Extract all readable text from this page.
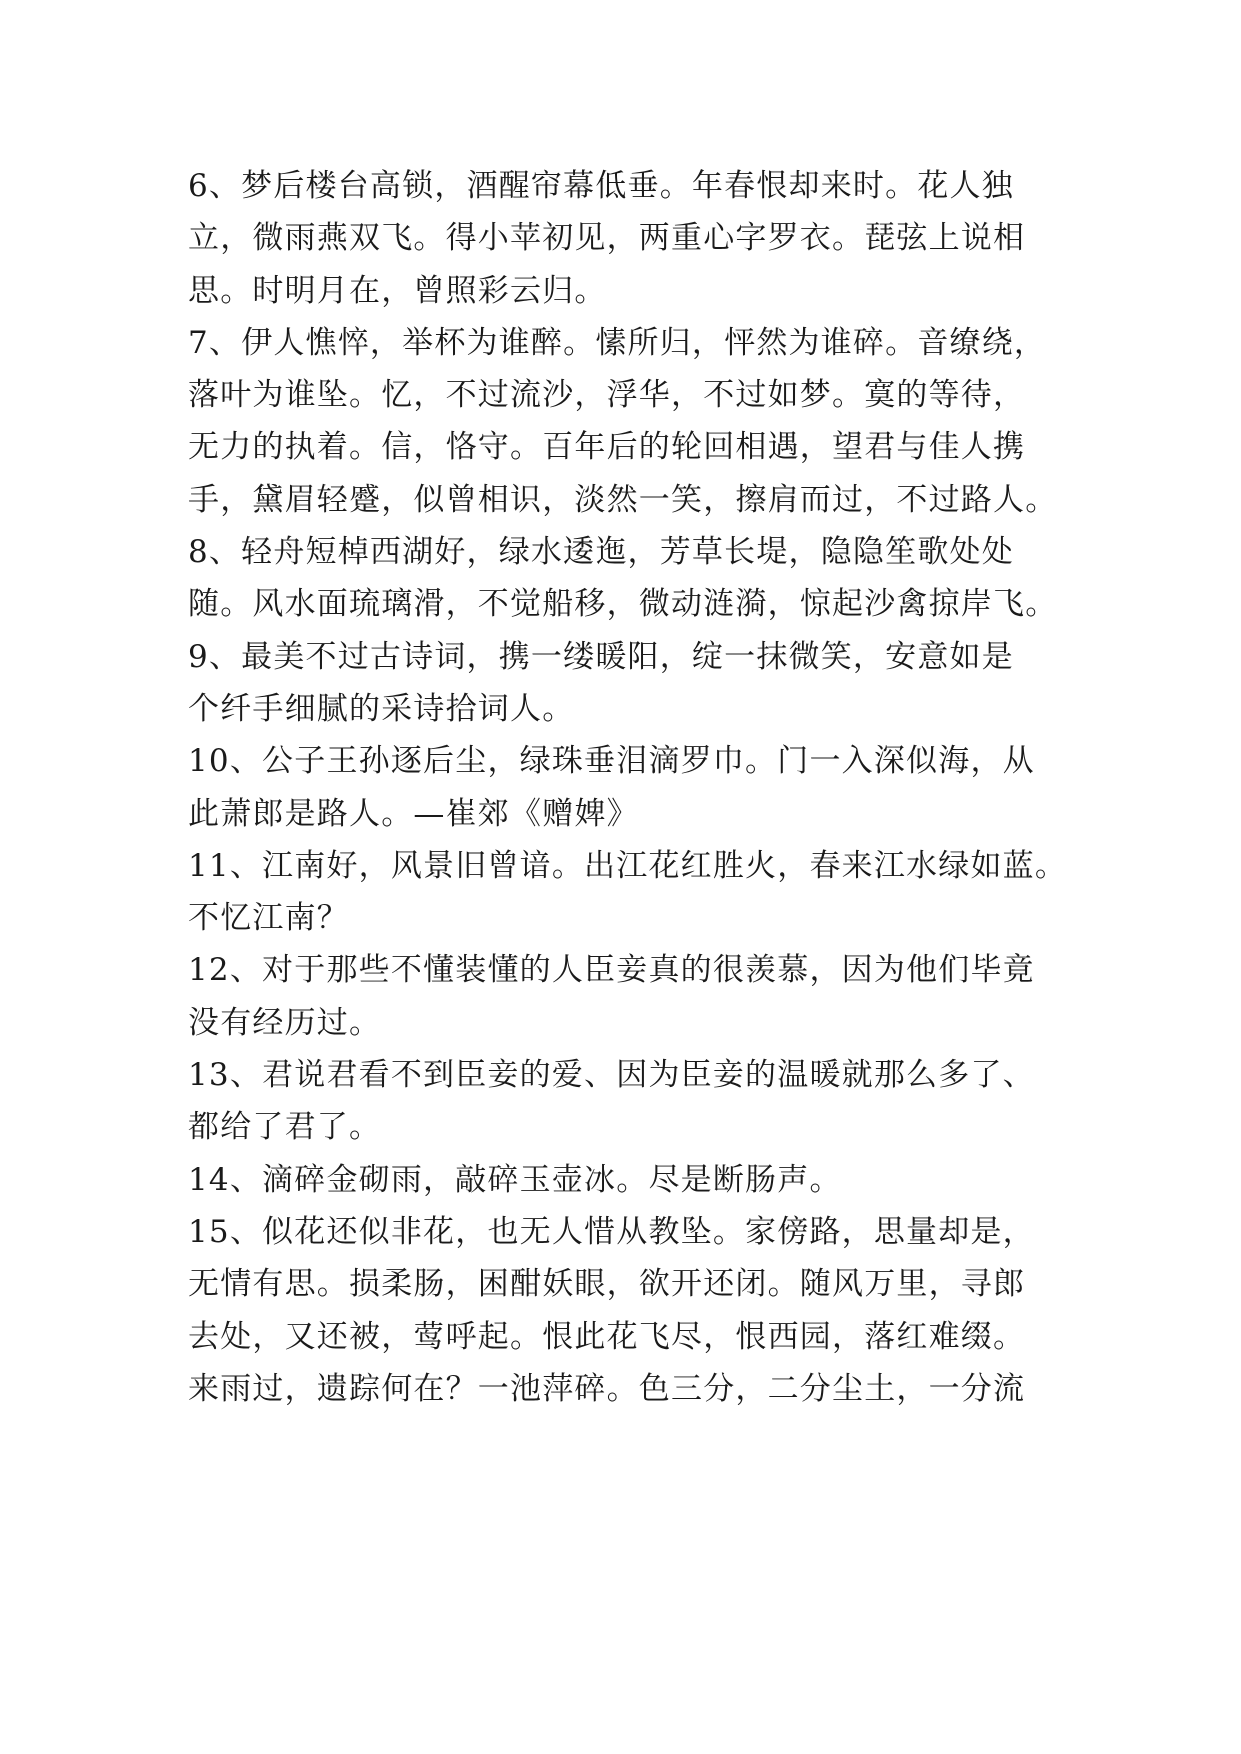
6、梦后楼台高锁，酒醒帘幕低垂。年春恨却来时。花人独
立，微雨燕双飞。得小苹初见，两重心字罗衣。琵弦上说相
思。时明月在，曾照彩云归。

7、伊人憔悴，举杯为谁醉。愫所归，怦然为谁碎。音缭绕，
落叶为谁坠。忆，不过流沙，浮华，不过如梦。寞的等待，
无力的执着。信，恪守。百年后的轮回相遇，望君与佳人携
手，黛眉轻蹙，似曾相识，淡然一笑，擦肩而过，不过路人。

8、轻舟短棹西湖好，绿水逶迤，芳草长堤，隐隐笙歌处处
随。风水面琉璃滑，不觉船移，微动涟漪，惊起沙禽掠岸飞。

9、最美不过古诗词，携一缕暖阳，绽一抹微笑，安意如是
个纤手细腻的采诗拾词人。

10、公子王孙逐后尘，绿珠垂泪滴罗巾。门一入深似海，从
此萧郎是路人。—崔郊《赠婢》

11、江南好，风景旧曾谙。出江花红胜火，春来江水绿如蓝。
不忆江南？

12、对于那些不懂装懂的人臣妾真的很羡慕，因为他们毕竟
没有经历过。

13、君说君看不到臣妾的爱、因为臣妾的温暖就那么多了、
都给了君了。

14、滴碎金砌雨，敲碎玉壶冰。尽是断肠声。

15、似花还似非花，也无人惜从教坠。家傍路，思量却是，
无情有思。损柔肠，困酣妖眼，欲开还闭。随风万里，寻郎
去处，又还被，莺呼起。恨此花飞尽，恨西园，落红难缀。
来雨过，遗踪何在？一池萍碎。色三分，二分尘土，一分流
